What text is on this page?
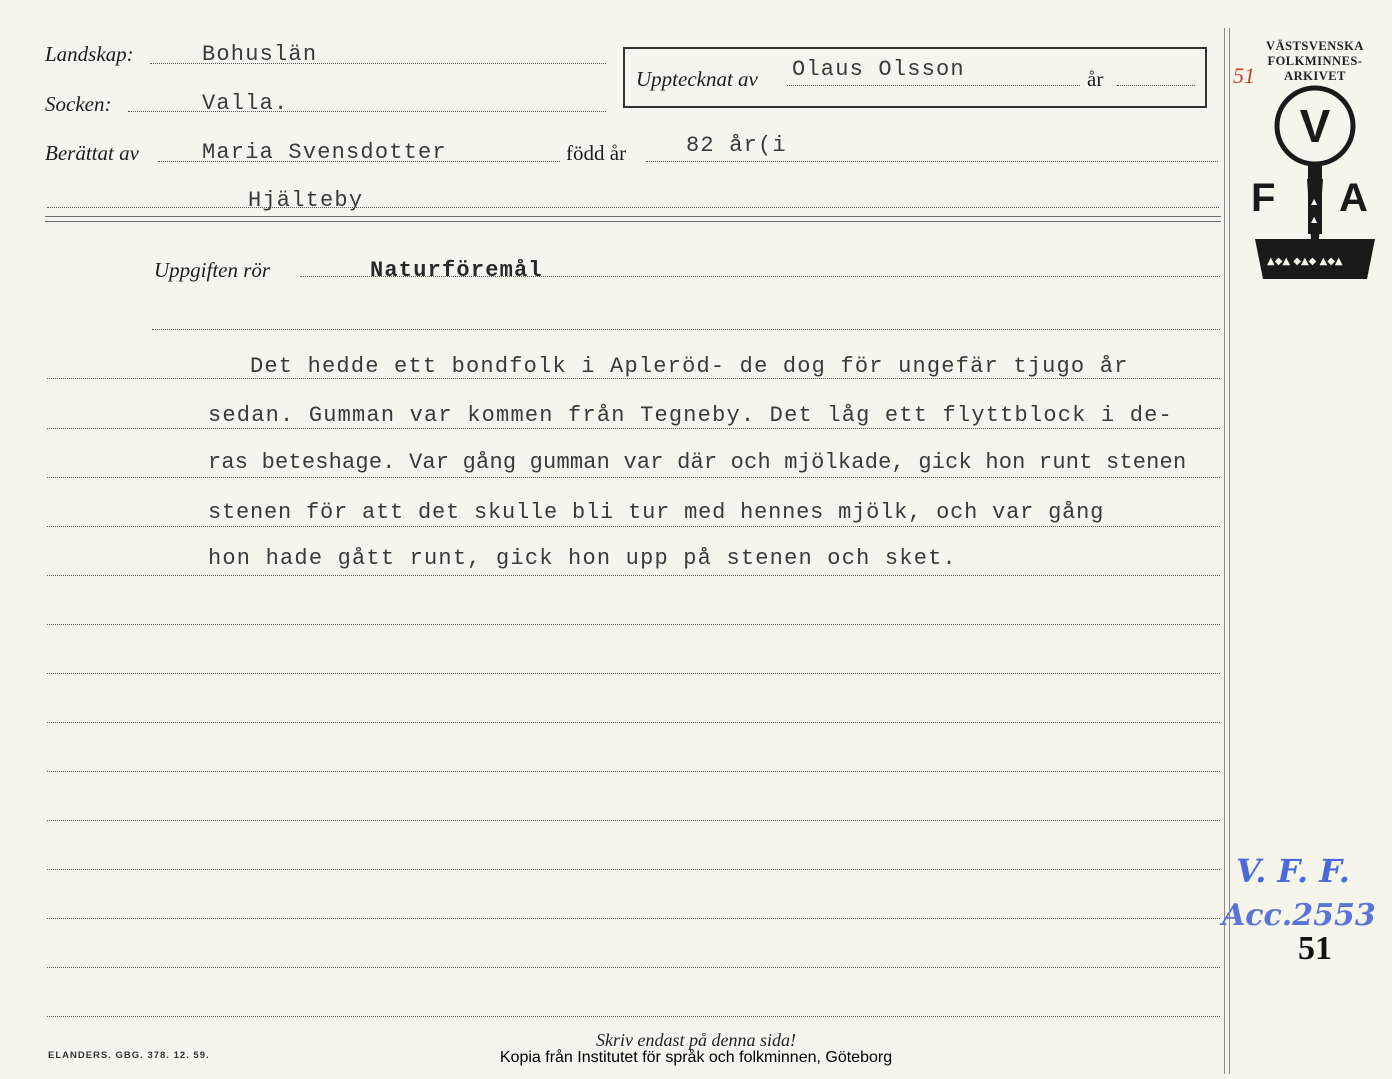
Landskap:	Bohuslän
Socken:	Valla.
Upptecknat av Olaus Olsson	år
Berättat av	Maria Svensdotter	född år	82 år(i
Hjälteby
Uppgiften rör	Naturföremål
Det hedde ett bondfolk i Apleröd- de dog för ungefär tjugo år
sedan. Gumman var kommen från Tegneby. Det låg ett flyttblock i de-
ras beteshage. Var gång gumman var där och mjölkade, gick hon runt stenen
stenen för att det skulle bli tur med hennes mjölk, och var gång
hon hade gått runt, gick hon upp på stenen och sket.
VÄSTSVENSKA
FOLKMINNES-
ARKIVET
51
V
▲
▲
▲◆▲ ◆▲◆ ▲◆▲
F A
V. F. F.
Acc.2553
51
ELANDERS. GBG. 378. 12. 59.
Skriv endast på denna sida!
Kopia från Institutet för språk och folkminnen, Göteborg
